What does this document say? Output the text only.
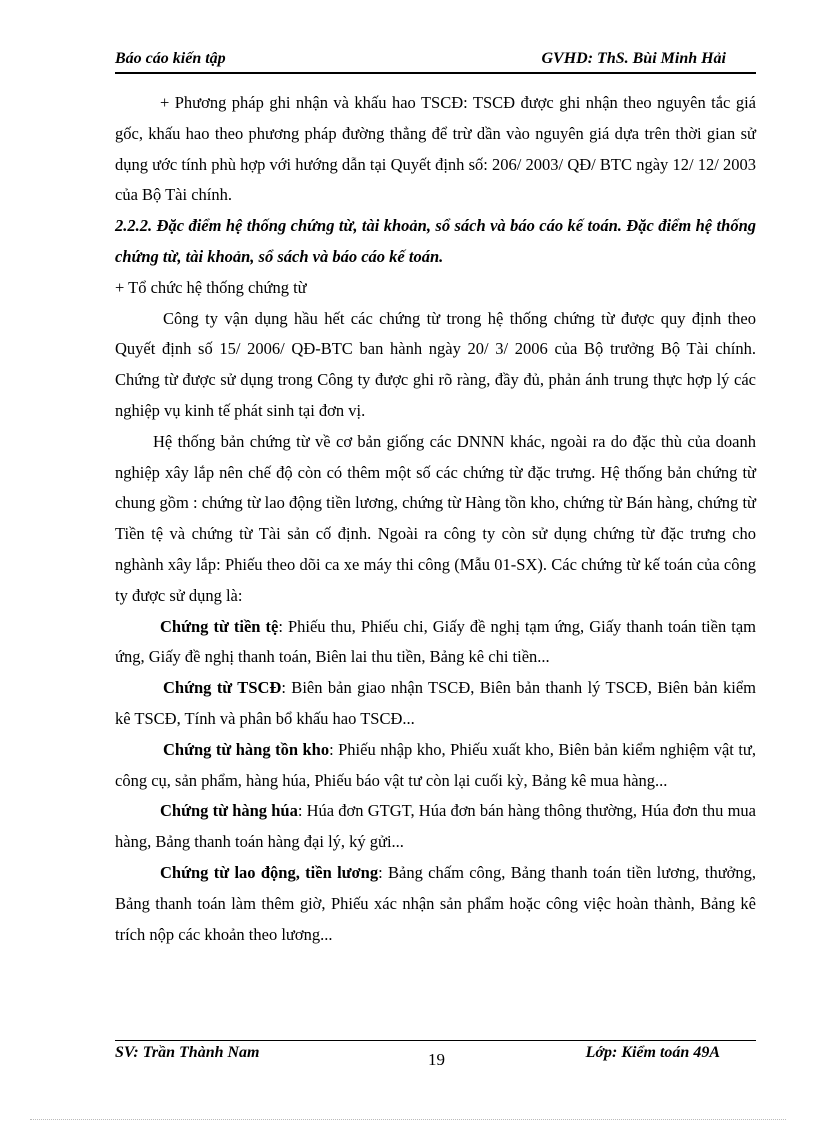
Báo cáo kiến tập	GVHD: ThS. Bùi Minh Hải

+ Phương pháp ghi nhận và khấu hao TSCĐ: TSCĐ được ghi nhận theo nguyên tắc giá gốc, khấu hao theo phương pháp đường thẳng để trừ dần vào nguyên giá dựa trên thời gian sử dụng ước tính phù hợp với hướng dẫn tại Quyết định số: 206/ 2003/ QĐ/ BTC ngày 12/ 12/ 2003 của Bộ Tài chính.

2.2.2. Đặc điểm hệ thống chứng từ, tài khoản, sổ sách và báo cáo kế toán. Đặc điểm hệ thống chứng từ, tài khoản, sổ sách và báo cáo kế toán.

+ Tổ chức hệ thống chứng từ

Công ty vận dụng hầu hết các chứng từ trong hệ thống chứng từ được quy định theo Quyết định số 15/ 2006/ QĐ-BTC ban hành ngày 20/ 3/ 2006 của Bộ trưởng Bộ Tài chính. Chứng từ được sử dụng trong Công ty được ghi rõ ràng, đầy đủ, phản ánh trung thực hợp lý các nghiệp vụ kinh tế phát sinh tại đơn vị.

Hệ thống bản chứng từ về cơ bản giống các DNNN khác, ngoài ra do đặc thù của doanh nghiệp xây lắp nên chế độ còn có thêm một số các chứng từ đặc trưng. Hệ thống bản chứng từ chung gồm : chứng từ lao động tiền lương, chứng từ Hàng tồn kho, chứng từ Bán hàng, chứng từ Tiền tệ và chứng từ Tài sản cố định. Ngoài ra công ty còn sử dụng chứng từ đặc trưng cho nghành xây lắp: Phiếu theo dõi ca xe máy thi công (Mẫu 01-SX). Các chứng từ kế toán của công ty được sử dụng là:

Chứng từ tiền tệ: Phiếu thu, Phiếu chi, Giấy đề nghị tạm ứng, Giấy thanh toán tiền tạm ứng, Giấy đề nghị thanh toán, Biên lai thu tiền, Bảng kê chi tiền...

Chứng từ TSCĐ: Biên bản giao nhận TSCĐ, Biên bản thanh lý TSCĐ, Biên bản kiểm kê TSCĐ, Tính và phân bổ khấu hao TSCĐ...

Chứng từ hàng tồn kho: Phiếu nhập kho, Phiếu xuất kho, Biên bản kiểm nghiệm vật tư, công cụ, sản phẩm, hàng húa, Phiếu báo vật tư còn lại cuối kỳ, Bảng kê mua hàng...

Chứng từ hàng húa: Húa đơn GTGT, Húa đơn bán hàng thông thường, Húa đơn thu mua hàng, Bảng thanh toán hàng đại lý, ký gửi...

Chứng từ lao động, tiền lương: Bảng chấm công, Bảng thanh toán tiền lương, thưởng, Bảng thanh toán làm thêm giờ, Phiếu xác nhận sản phẩm hoặc công việc hoàn thành, Bảng kê trích nộp các khoản theo lương...

SV: Trần Thành Nam	19	Lớp: Kiểm toán 49A
